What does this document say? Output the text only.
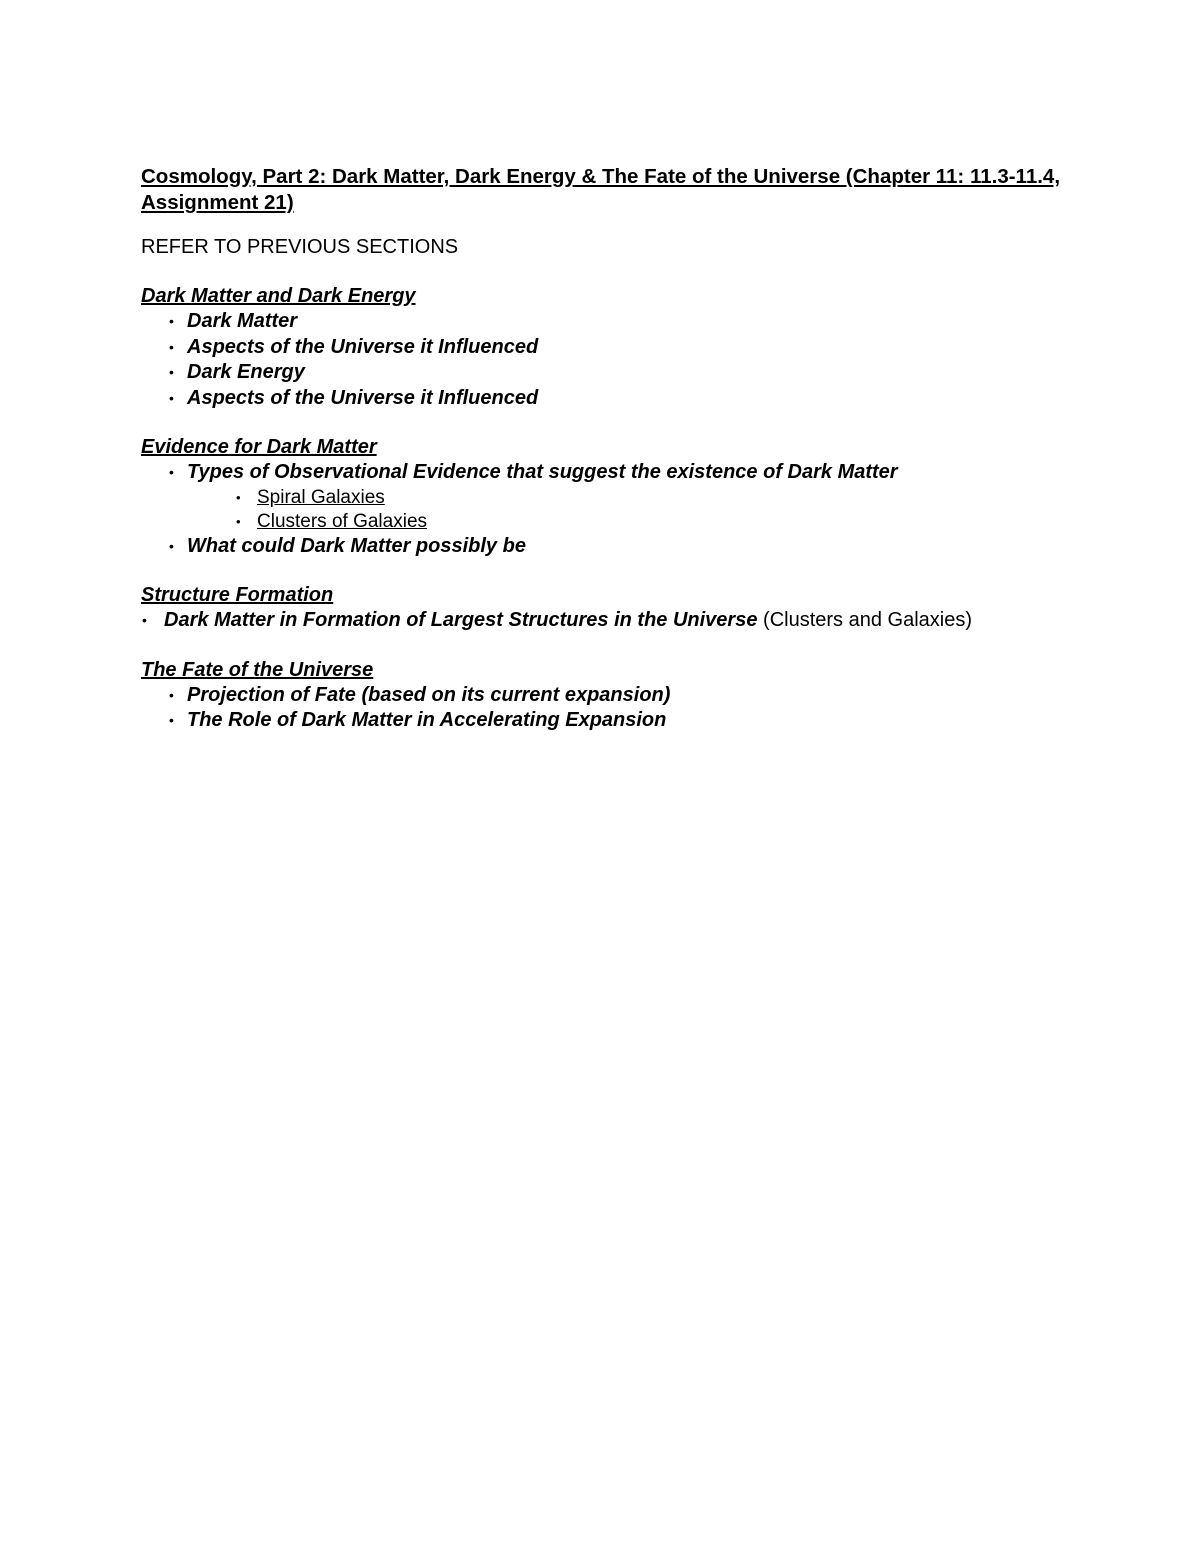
Cosmology, Part 2: Dark Matter, Dark Energy & The Fate of the Universe (Chapter 11: 11.3-11.4, Assignment 21)

REFER TO PREVIOUS SECTIONS

Dark Matter and Dark Energy

• Dark Matter
• Aspects of the Universe it Influenced
• Dark Energy
• Aspects of the Universe it Influenced

Evidence for Dark Matter

• Types of Observational Evidence that suggest the existence of Dark Matter
• Spiral Galaxies
• Clusters of Galaxies
• What could Dark Matter possibly be

Structure Formation

• Dark Matter in Formation of Largest Structures in the Universe (Clusters and Galaxies)

The Fate of the Universe

• Projection of Fate (based on its current expansion)
• The Role of Dark Matter in Accelerating Expansion
